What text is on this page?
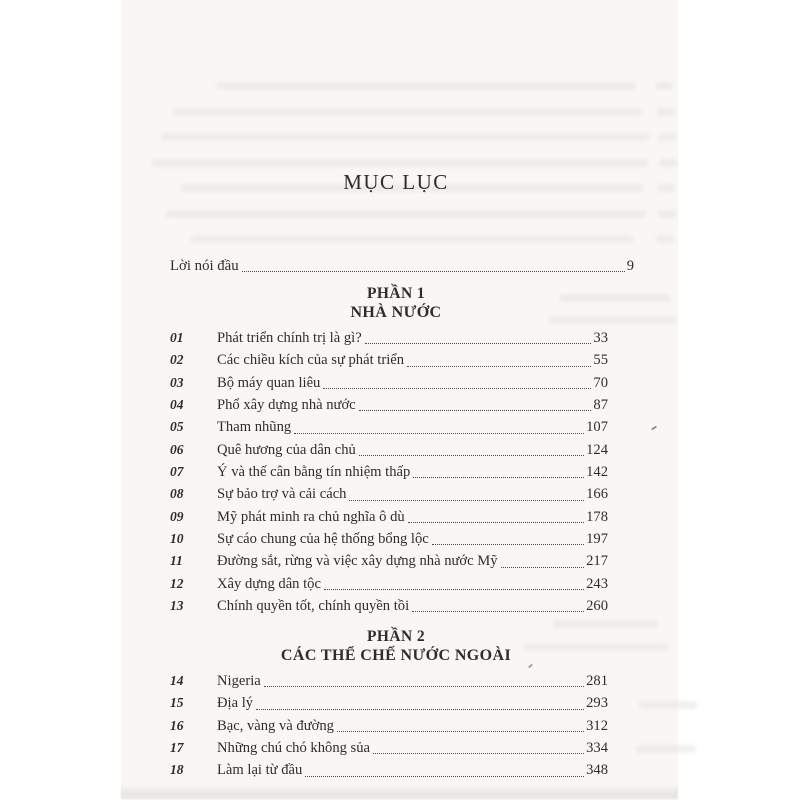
MỤC LỤC
Lời nói đầu	9
PHẦN 1
NHÀ NƯỚC
01	Phát triển chính trị là gì?	33
02	Các chiều kích của sự phát triển	55
03	Bộ máy quan liêu	70
04	Phổ xây dựng nhà nước	87
05	Tham nhũng	107
06	Quê hương của dân chủ	124
07	Ý và thế cân bằng tín nhiệm thấp	142
08	Sự bảo trợ và cải cách	166
09	Mỹ phát minh ra chủ nghĩa ô dù	178
10	Sự cáo chung của hệ thống bổng lộc	197
11	Đường sắt, rừng và việc xây dựng nhà nước Mỹ	217
12	Xây dựng dân tộc	243
13	Chính quyền tốt, chính quyền tồi	260
PHẦN 2
CÁC THỂ CHẾ NƯỚC NGOÀI
14	Nigeria	281
15	Địa lý	293
16	Bạc, vàng và đường	312
17	Những chú chó không sủa	334
18	Làm lại từ đầu	348
